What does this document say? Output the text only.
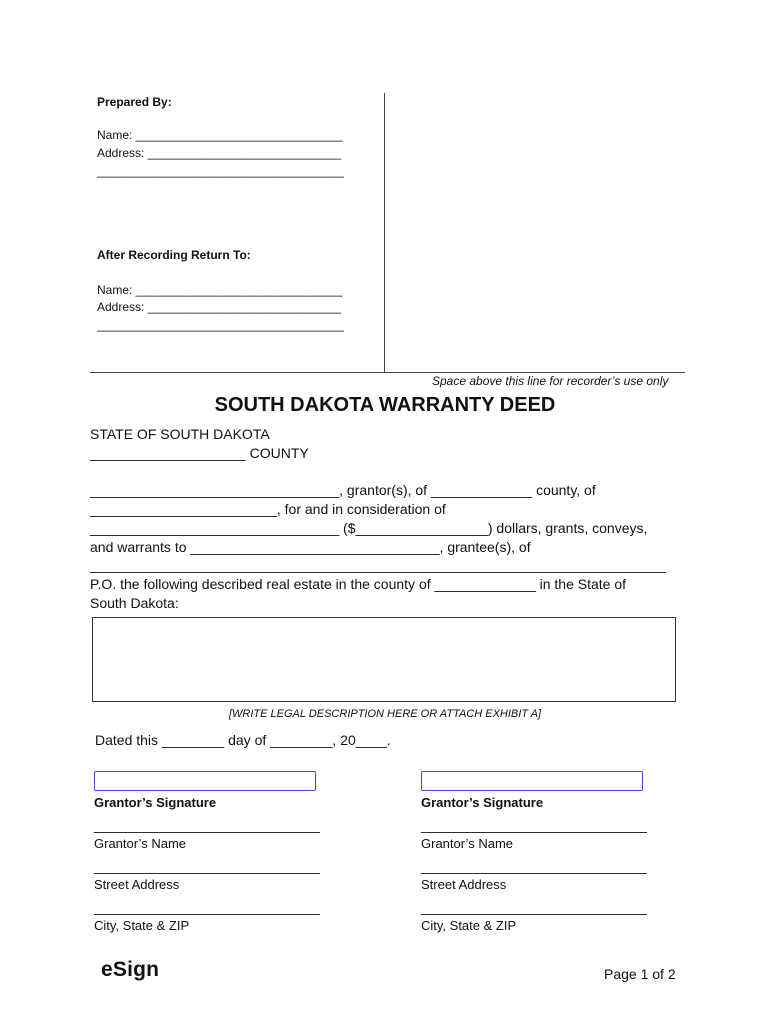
Prepared By:
Name: _______________________________
Address: _____________________________
_____________________________________
After Recording Return To:
Name: _______________________________
Address: _____________________________
_____________________________________
Space above this line for recorder’s use only
SOUTH DAKOTA WARRANTY DEED
STATE OF SOUTH DAKOTA
____________________ COUNTY
________________________________, grantor(s), of _____________ county, of
________________________, for and in consideration of
________________________________ ($_________________) dollars, grants, conveys,
and warrants to ________________________________, grantee(s), of
__________________________________________________________________________
P.O. the following described real estate in the county of _____________ in the State of
South Dakota:
[WRITE LEGAL DESCRIPTION HERE OR ATTACH EXHIBIT A]
Dated this ________ day of ________, 20____.
Grantor’s Signature
_____________________________
Grantor’s Name
_____________________________
Street Address
_____________________________
City, State & ZIP
Grantor’s Signature
_____________________________
Grantor’s Name
_____________________________
Street Address
_____________________________
City, State & ZIP
eSign	Page 1 of 2
